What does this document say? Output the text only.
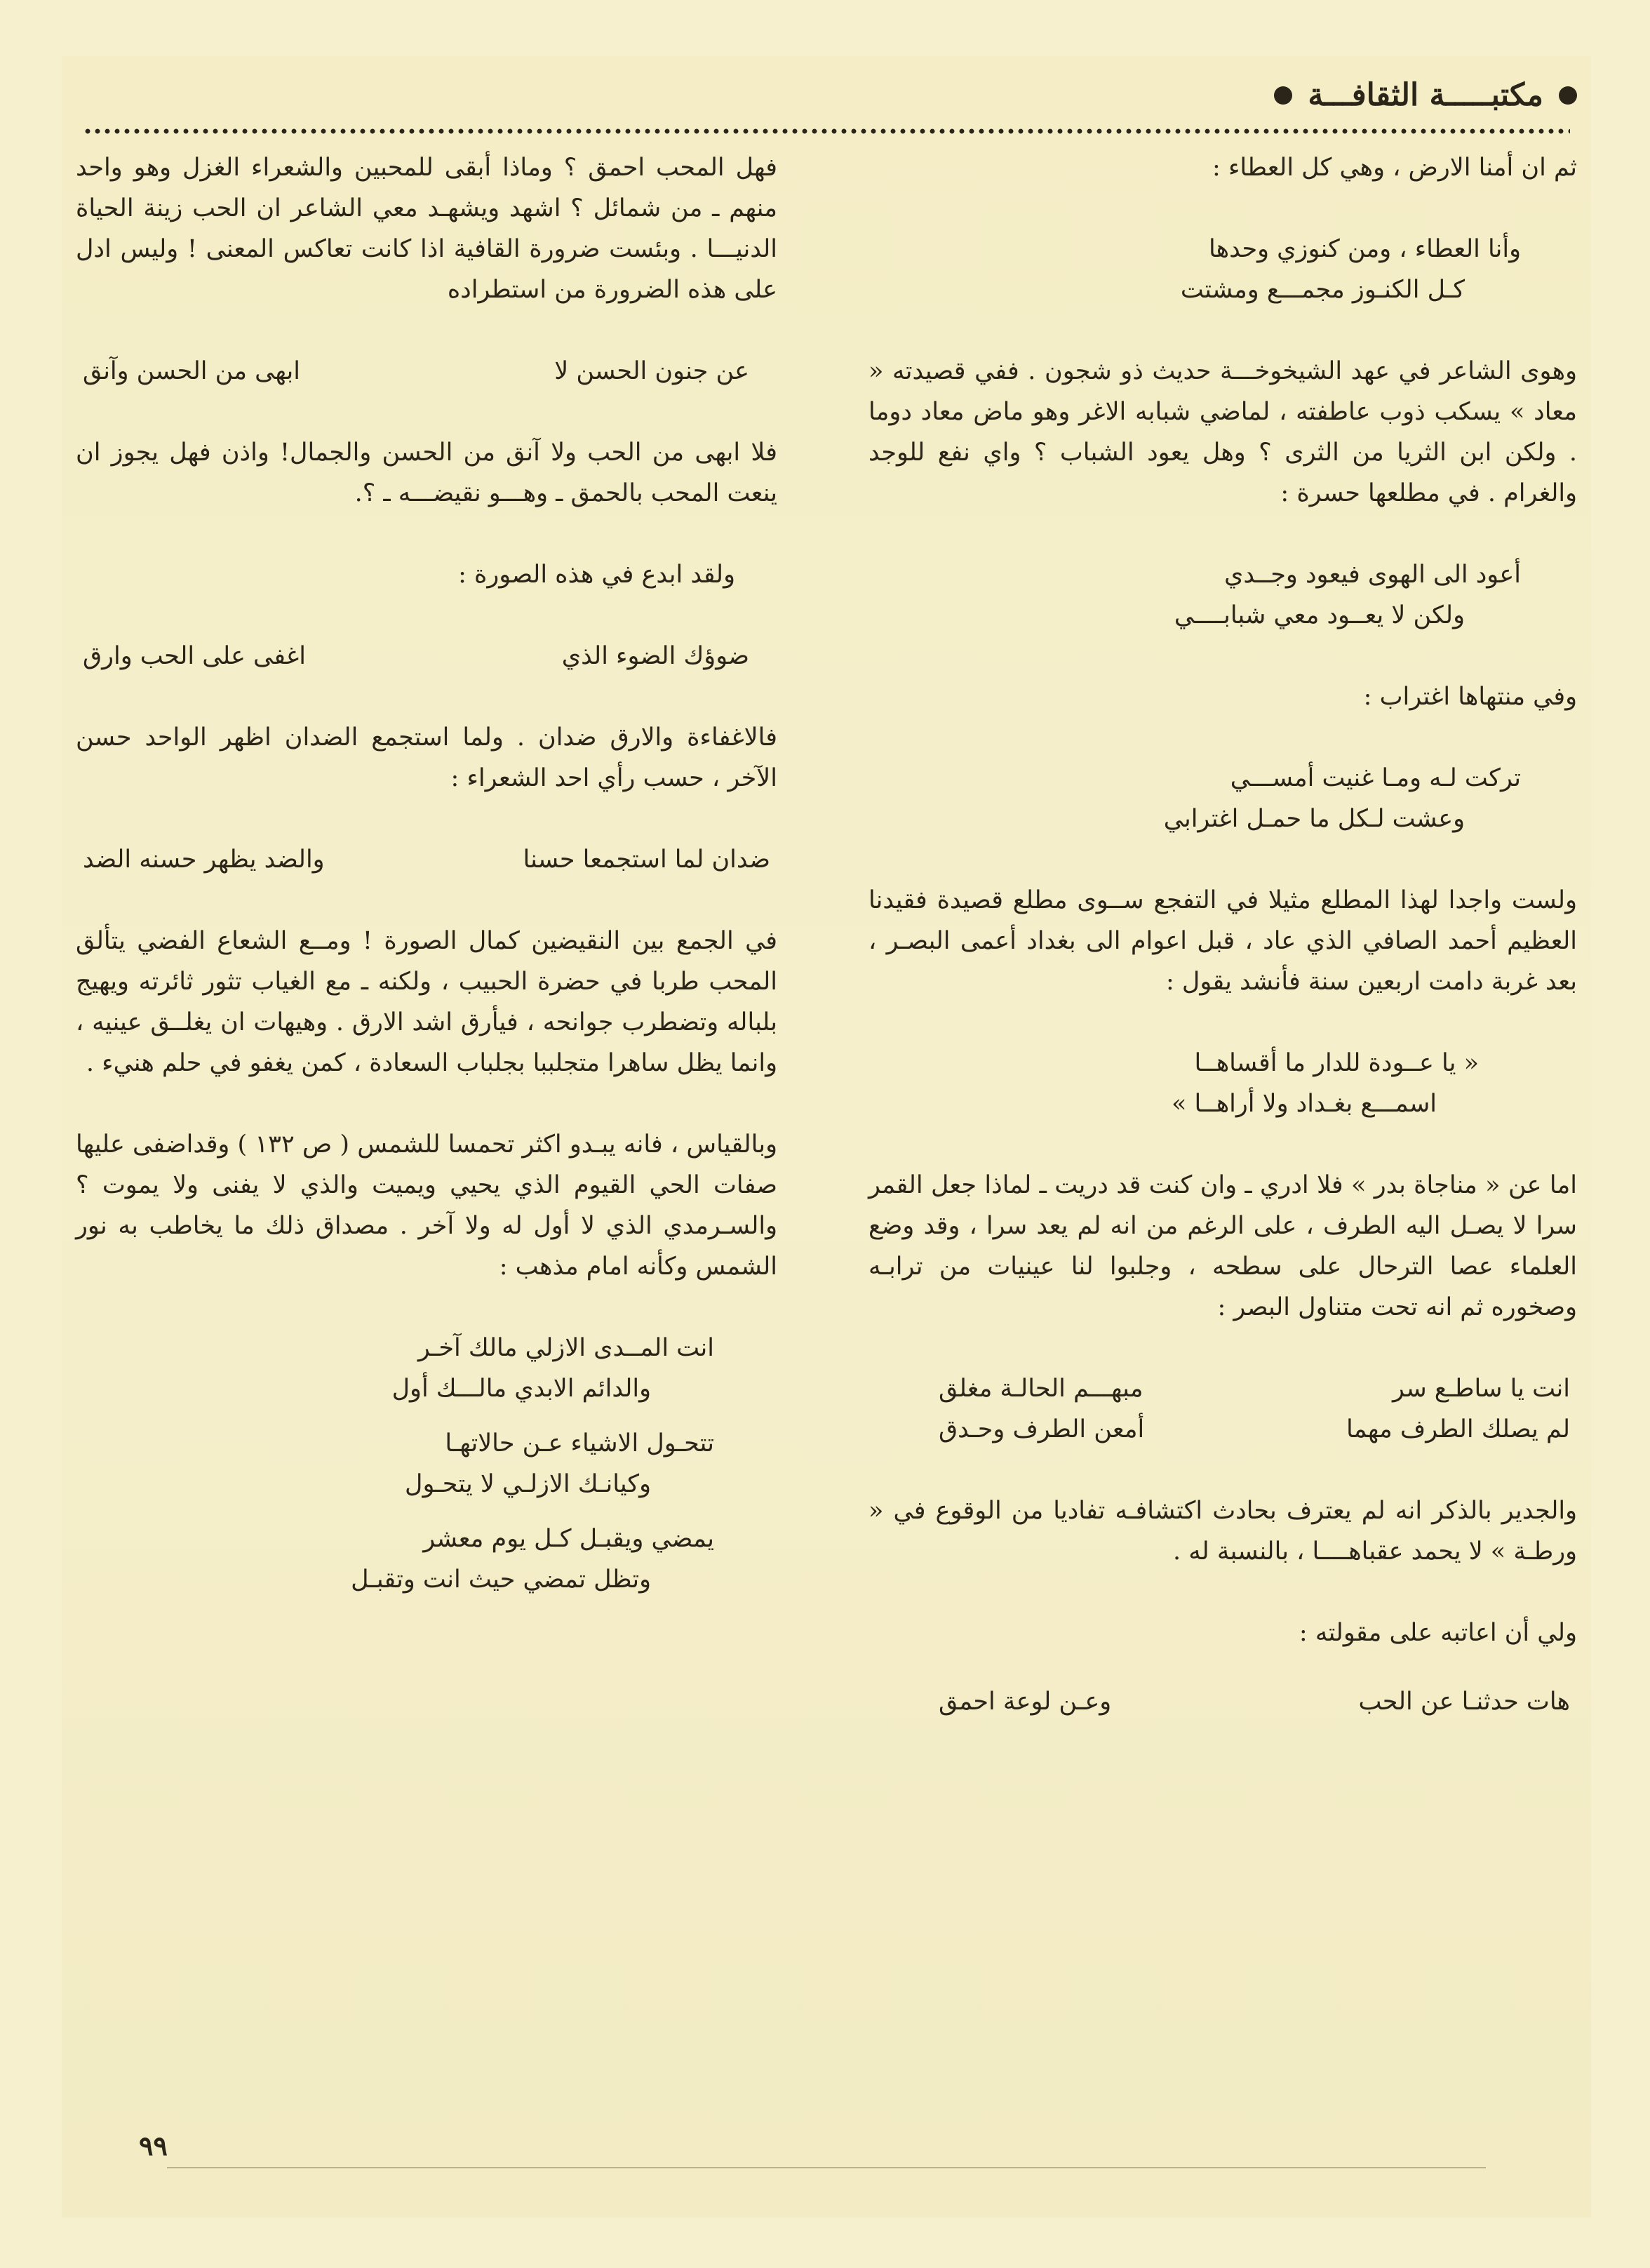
مكتبـــــة الثقافـــة

ثم ان أمنا الارض ، وهي كل العطاء :

وأنا العطاء ، ومن كنوزي وحدها
كـل الكنـوز مجمـــع ومشتت

وهوى الشاعر في عهد الشيخوخـــة حديث ذو شجون . ففي قصيدته « معاد » يسكب ذوب عاطفته ، لماضي شبابه الاغر وهو ماض معاد دوما . ولكن ابن الثريا من الثرى ؟ وهل يعود الشباب ؟ واي نفع للوجد والغرام . في مطلعها حسرة :

أعود الى الهوى فيعود وجــدي
ولكن لا يعــود معي شبابــــي

وفي منتهاها اغتراب :

تركت لـه ومـا غنيت أمســـي
وعشت لـكل ما حمـل اغترابي

ولست واجدا لهذا المطلع مثيلا في التفجع ســوى مطلع قصيدة فقيدنا العظيم أحمد الصافي الذي عاد ، قبل اعوام الى بغداد أعمى البصـر ، بعد غربة دامت اربعين سنة فأنشد يقول :

« يا عــودة للدار ما أقساهــا
اسمـــع بغـداد ولا أراهــا »

اما عن « مناجاة بدر » فلا ادري ـ وان كنت قد دريت ـ لماذا جعل القمر سرا لا يصـل اليه الطرف ، على الرغم من انه لم يعد سرا ، وقد وضع العلماء عصا الترحال على سطحه ، وجلبوا لنا عينيات من ترابـه وصخوره ثم انه تحت متناول البصر :

انت يا ساطـع سر
مبهـــم الحالـة مغلق
لم يصلك الطرف مهما
أمعن الطرف وحـدق

والجدير بالذكر انه لم يعترف بحادث اكتشافـه تفاديا من الوقوع في « ورطـة » لا يحمد عقباهــــا ، بالنسبة له .

ولي أن اعاتبه على مقولته :

هات حدثنـا عن الحب
وعـن لوعة احمق

فهل المحب احمق ؟ وماذا أبقى للمحبين والشعراء الغزل وهو واحد منهم ـ من شمائل ؟ اشهد ويشهـد معي الشاعر ان الحب زينة الحياة الدنيـــا . وبئست ضرورة القافية اذا كانت تعاكس المعنى ! وليس ادل على هذه الضرورة من استطراده

عن جنون الحسن لا
ابهى من الحسن وآنق

فلا ابهى من الحب ولا آنق من الحسن والجمال! واذن فهل يجوز ان ينعت المحب بالحمق ـ وهـــو نقيضـــه ـ ؟.

ولقد ابدع في هذه الصورة :

ضوؤك الضوء الذي
اغفى على الحب وارق

فالاغفاءة والارق ضدان . ولما استجمع الضدان اظهر الواحد حسن الآخر ، حسب رأي احد الشعراء :

ضدان لما استجمعا حسنا
والضد يظهر حسنه الضد

في الجمع بين النقيضين كمال الصورة ! ومــع الشعاع الفضي يتألق المحب طربا في حضرة الحبيب ، ولكنه ـ مع الغياب تثور ثائرته ويهيج بلباله وتضطرب جوانحه ، فيأرق اشد الارق . وهيهات ان يغلــق عينيه ، وانما يظل ساهرا متجلببا بجلباب السعادة ، كمن يغفو في حلم هنيء .

وبالقياس ، فانه يبـدو اكثر تحمسا للشمس ( ص ١٣٢ ) وقداضفى عليها صفات الحي القيوم الذي يحيي ويميت والذي لا يفنى ولا يموت ؟ والسـرمدي الذي لا أول له ولا آخر . مصداق ذلك ما يخاطب به نور الشمس وكأنه امام مذهب :

انت المــدى الازلي مالك آخـر
والدائم الابدي مالـــك أول
تتحـول الاشياء عـن حالاتهـا
وكيانـك الازلـي لا يتحـول
يمضي ويقبـل كـل يوم معشر
وتظل تمضي حيث انت وتقبـل
٩٩
